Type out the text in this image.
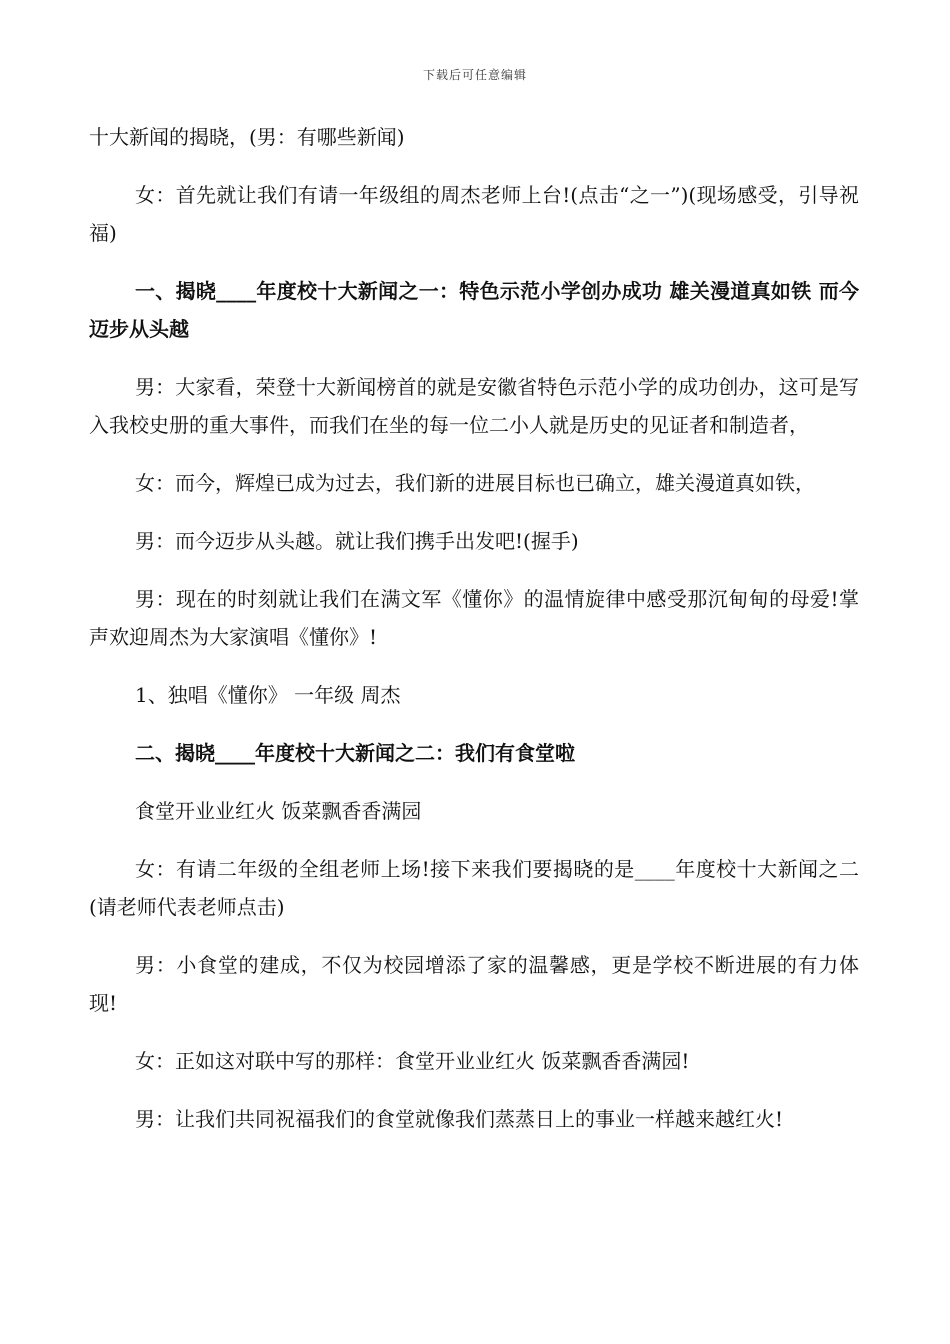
下载后可任意编辑

十大新闻的揭晓，(男：有哪些新闻)

女：首先就让我们有请一年级组的周杰老师上台!(点击“之一”)(现场感受，引导祝福)

一、揭晓____年度校十大新闻之一：特色示范小学创办成功 雄关漫道真如铁 而今迈步从头越

男：大家看，荣登十大新闻榜首的就是安徽省特色示范小学的成功创办，这可是写入我校史册的重大事件，而我们在坐的每一位二小人就是历史的见证者和制造者，

女：而今，辉煌已成为过去，我们新的进展目标也已确立，雄关漫道真如铁，

男：而今迈步从头越。就让我们携手出发吧!(握手)

男：现在的时刻就让我们在满文军《懂你》的温情旋律中感受那沉甸甸的母爱!掌声欢迎周杰为大家演唱《懂你》!

1、独唱《懂你》 一年级 周杰

二、揭晓____年度校十大新闻之二：我们有食堂啦

食堂开业业红火 饭菜飘香香满园

女：有请二年级的全组老师上场!接下来我们要揭晓的是____年度校十大新闻之二(请老师代表老师点击)

男：小食堂的建成，不仅为校园增添了家的温馨感，更是学校不断进展的有力体现!

女：正如这对联中写的那样：食堂开业业红火 饭菜飘香香满园!

男：让我们共同祝福我们的食堂就像我们蒸蒸日上的事业一样越来越红火!
